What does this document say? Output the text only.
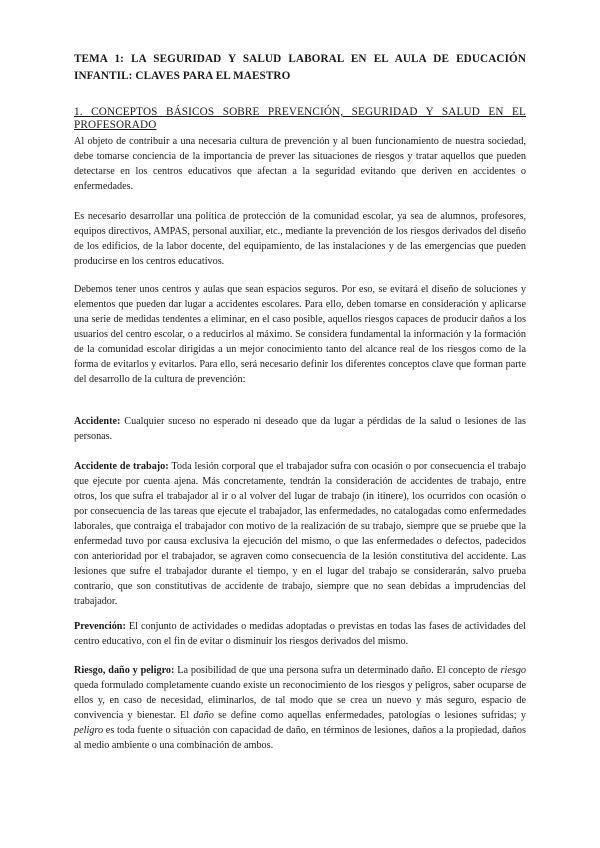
TEMA 1: LA SEGURIDAD Y SALUD LABORAL EN EL AULA DE EDUCACIÓN INFANTIL: CLAVES PARA EL MAESTRO
1. CONCEPTOS BÁSICOS SOBRE PREVENCIÓN, SEGURIDAD Y SALUD EN EL PROFESORADO

Al objeto de contribuir a una necesaria cultura de prevención y al buen funcionamiento de nuestra sociedad, debe tomarse conciencia de la importancia de prever las situaciones de riesgos y tratar aquellos que pueden detectarse en los centros educativos que afectan a la seguridad evitando que deriven en accidentes o enfermedades.

Es necesario desarrollar una política de protección de la comunidad escolar, ya sea de alumnos, profesores, equipos directivos, AMPAS, personal auxiliar, etc., mediante la prevención de los riesgos derivados del diseño de los edificios, de la labor docente, del equipamiento, de las instalaciones y de las emergencias que pueden producirse en los centros educativos.

Debemos tener unos centros y aulas que sean espacios seguros. Por eso, se evitará el diseño de soluciones y elementos que pueden dar lugar a accidentes escolares. Para ello, deben tomarse en consideración y aplicarse una serie de medidas tendentes a eliminar, en el caso posible, aquellos riesgos capaces de producir daños a los usuarios del centro escolar, o a reducirlos al máximo. Se considera fundamental la información y la formación de la comunidad escolar dirigidas a un mejor conocimiento tanto del alcance real de los riesgos como de la forma de evitarlos y evitarlos. Para ello, será necesario definir los diferentes conceptos clave que forman parte del desarrollo de la cultura de prevención:

Accidente: Cualquier suceso no esperado ni deseado que da lugar a pérdidas de la salud o lesiones de las personas.

Accidente de trabajo: Toda lesión corporal que el trabajador sufra con ocasión o por consecuencia el trabajo que ejecute por cuenta ajena. Más concretamente, tendrán la consideración de accidentes de trabajo, entre otros, los que sufra el trabajador al ir o al volver del lugar de trabajo (in itinere), los ocurridos con ocasión o por consecuencia de las tareas que ejecute el trabajador, las enfermedades, no catalogadas como enfermedades laborales, que contraiga el trabajador con motivo de la realización de su trabajo, siempre que se pruebe que la enfermedad tuvo por causa exclusiva la ejecución del mismo, o que las enfermedades o defectos, padecidos con anterioridad por el trabajador, se agraven como consecuencia de la lesión constitutiva del accidente. Las lesiones que sufre el trabajador durante el tiempo, y en el lugar del trabajo se considerarán, salvo prueba contrario, que son constitutivas de accidente de trabajo, siempre que no sean debidas a imprudencias del trabajador.

Prevención: El conjunto de actividades o medidas adoptadas o previstas en todas las fases de actividades del centro educativo, con el fin de evitar o disminuir los riesgos derivados del mismo.

Riesgo, daño y peligro: La posibilidad de que una persona sufra un determinado daño. El concepto de riesgo queda formulado completamente cuando existe un reconocimiento de los riesgos y peligros, saber ocuparse de ellos y, en caso de necesidad, eliminarlos, de tal modo que se crea un nuevo y más seguro, espacio de convivencia y bienestar. El daño se define como aquellas enfermedades, patologías o lesiones sufridas; y peligro es toda fuente o situación con capacidad de daño, en términos de lesiones, daños a la propiedad, daños al medio ambiente o una combinación de ambos.
